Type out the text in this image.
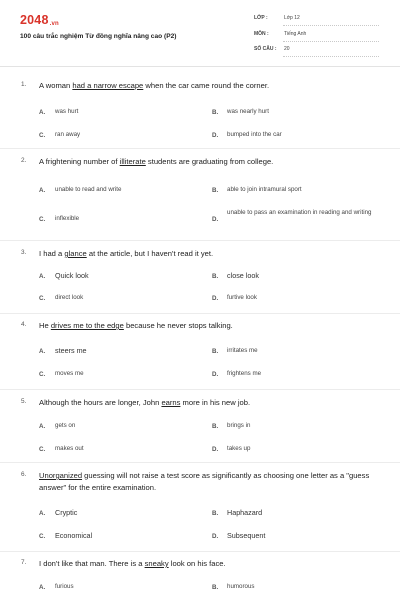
2048.vn
100 câu trắc nghiệm Từ đồng nghĩa nâng cao (P2)
LỚP :	Lớp 12
MÔN :	Tiếng Anh
SỐ CÂU : 20
1. A woman had a narrow escape when the car came round the corner.
A. was hurt	B. was nearly hurt
C. ran away	D. bumped into the car
2. A frightening number of illiterate students are graduating from college.
A. unable to read and write	B. able to join intramural sport
C. inflexible	D.
unable to pass an examination in reading and writing
3. I had a glance at the article, but I haven't read it yet.
A. Quick look	B. close look
C. direct look	D. furtive look
4. He drives me to the edge because he never stops talking.
A. steers me	B. irritates me
C. moves me	D. frightens me
5. Although the hours are longer, John earns more in his new job.
A. gets on	B. brings in
C. makes out	D. takes up
6. Unorganized guessing will not raise a test score as significantly as choosing one letter as a "guess answer" for the entire examination.
A. Cryptic	B. Haphazard
C. Economical	D. Subsequent
7. I don't like that man. There is a sneaky look on his face.
A. furious	B. humorous
